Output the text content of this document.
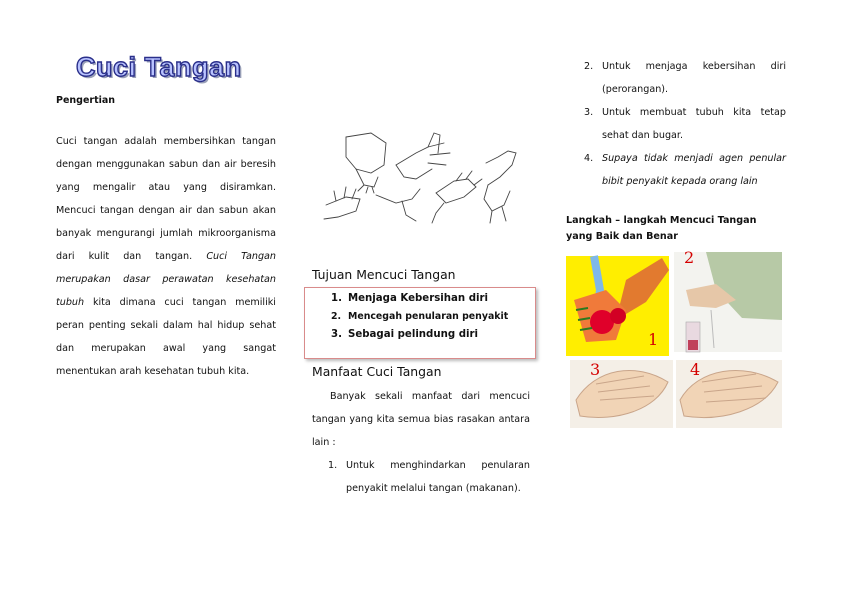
Cuci Tangan
Pengertian
Cuci tangan adalah membersihkan tangan
dengan menggunakan sabun dan air beresih
yang mengalir atau yang disiramkan.
Mencuci tangan dengan air dan sabun akan
banyak mengurangi jumlah mikroorganisma
dari kulit dan tangan. Cuci Tangan
merupakan dasar perawatan kesehatan
tubuh kita dimana cuci tangan memiliki
peran penting sekali dalam hal hidup sehat
dan merupakan awal yang sangat
menentukan arah kesehatan tubuh kita.
Tujuan Mencuci Tangan
1. Menjaga Kebersihan diri
2. Mencegah penularan penyakit
3. Sebagai pelindung diri
Manfaat Cuci Tangan
Banyak sekali manfaat dari mencuci tangan yang kita semua bias rasakan antara lain :
1. Untuk menghindarkan penularan penyakit melalui tangan (makanan).
2. Untuk menjaga kebersihan diri (perorangan).
3. Untuk membuat tubuh kita tetap sehat dan bugar.
4. Supaya tidak menjadi agen penular bibit penyakit kepada orang lain
Langkah – langkah Mencuci Tangan yang Baik dan Benar
1
2
3	4
